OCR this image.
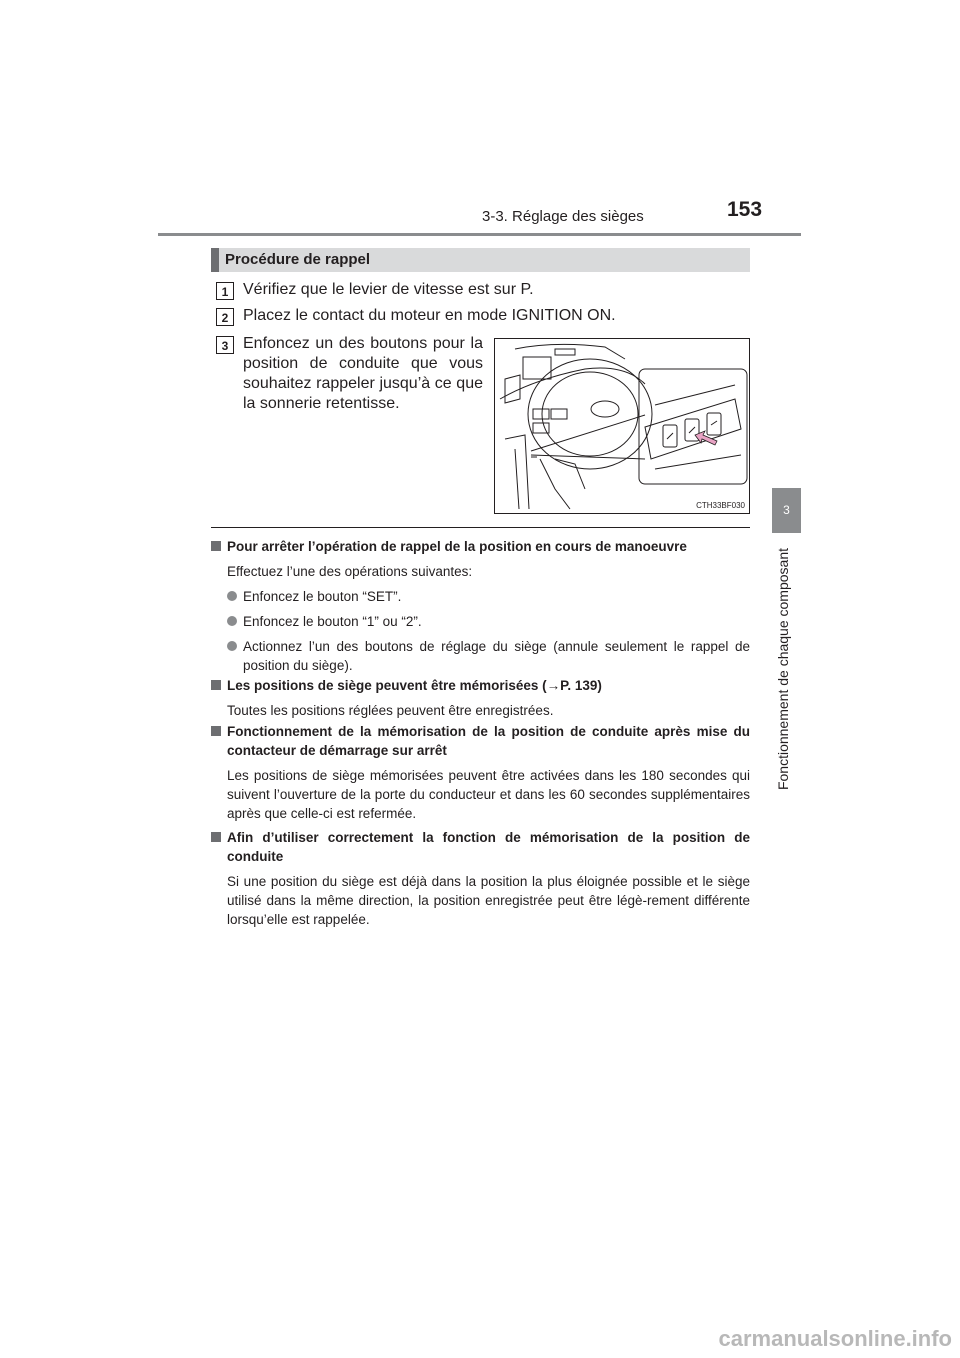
3-3. Réglage des sièges	153
3
Fonctionnement de chaque composant
Procédure de rappel
1 Vérifiez que le levier de vitesse est sur P.
2 Placez le contact du moteur en mode IGNITION ON.
3 Enfoncez un des boutons pour la position de conduite que vous souhaitez rappeler jusqu’à ce que la sonnerie retentisse.
CTH33BF030
Pour arrêter l’opération de rappel de la position en cours de manoeuvre
Effectuez l’une des opérations suivantes:
Enfoncez le bouton “SET”.
Enfoncez le bouton “1” ou “2”.
Actionnez l’un des boutons de réglage du siège (annule seulement le rappel de position du siège).
Les positions de siège peuvent être mémorisées (→P. 139)
Toutes les positions réglées peuvent être enregistrées.
Fonctionnement de la mémorisation de la position de conduite après mise du contacteur de démarrage sur arrêt
Les positions de siège mémorisées peuvent être activées dans les 180 secondes qui suivent l’ouverture de la porte du conducteur et dans les 60 secondes supplémentaires après que celle-ci est refermée.
Afin d’utiliser correctement la fonction de mémorisation de la position de conduite
Si une position du siège est déjà dans la position la plus éloignée possible et le siège utilisé dans la même direction, la position enregistrée peut être légè-rement différente lorsqu’elle est rappelée.
carmanualsonline.info
